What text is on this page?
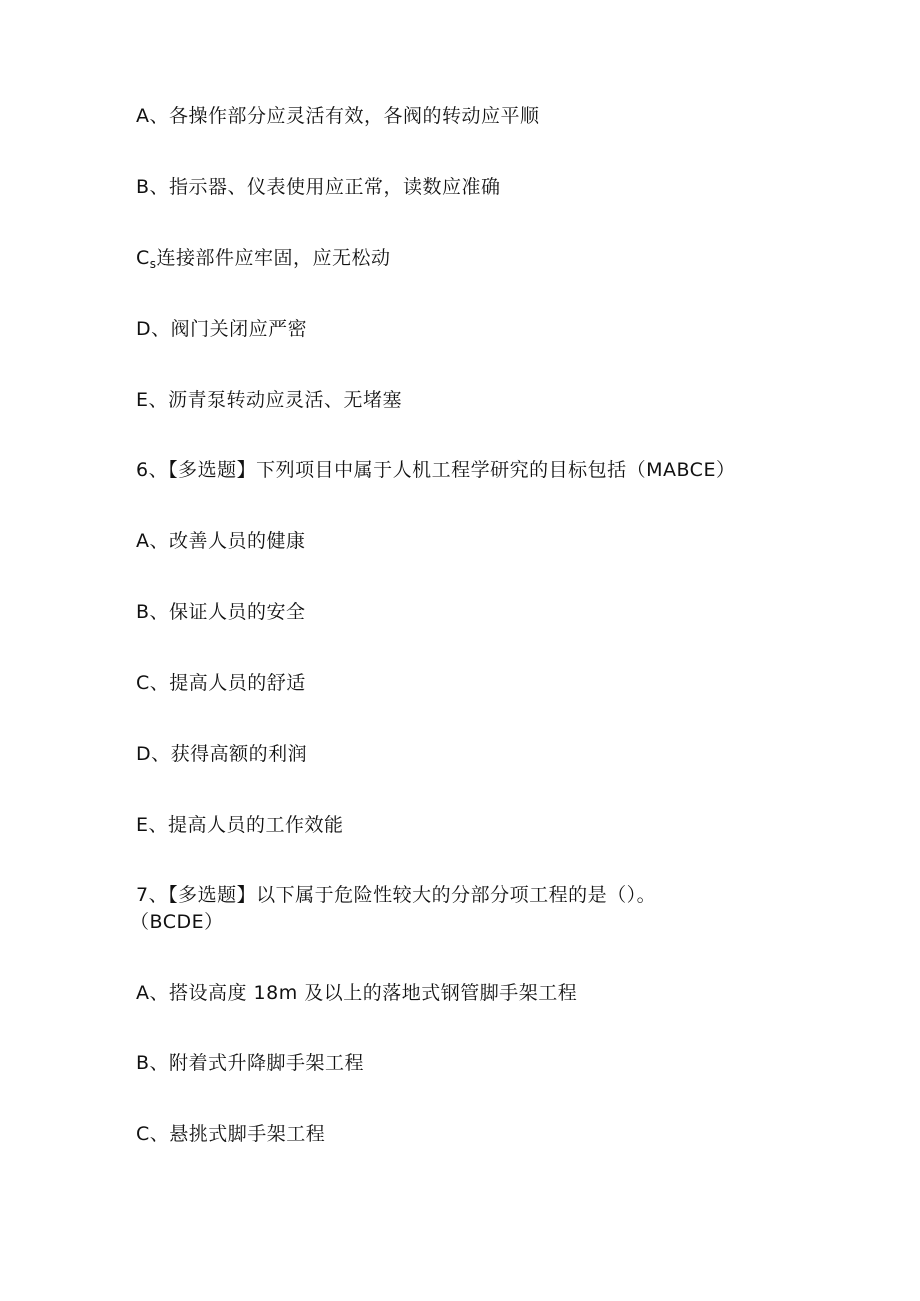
A、各操作部分应灵活有效，各阀的转动应平顺
B、指示器、仪表使用应正常，读数应准确
$C_s$连接部件应牢固，应无松动
D、阀门关闭应严密
E、沥青泵转动应灵活、无堵塞
6、【多选题】下列项目中属于人机工程学研究的目标包括（MABCE）
A、改善人员的健康
B、保证人员的安全
C、提高人员的舒适
D、获得高额的利润
E、提高人员的工作效能
7、【多选题】以下属于危险性较大的分部分项工程的是（）。
（BCDE）
A、搭设高度 18m 及以上的落地式钢管脚手架工程
B、附着式升降脚手架工程
C、悬挑式脚手架工程
